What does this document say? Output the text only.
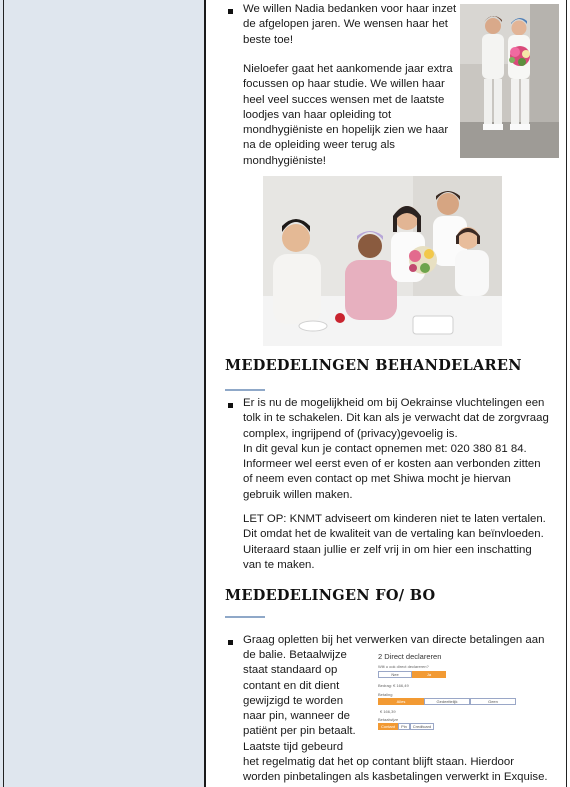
We willen Nadia bedanken voor haar inzet
de afgelopen jaren. We wensen haar het
beste toe!
Nieloefer gaat het aankomende jaar extra
focussen op haar studie. We willen haar
heel veel succes wensen met de laatste
loodjes van haar opleiding tot
mondhygiëniste en hopelijk zien we haar
na de opleiding weer terug als
mondhygiëniste!
MEDEDELINGEN BEHANDELAREN
Er is nu de mogelijkheid om bij Oekrainse vluchtelingen een
tolk in te schakelen. Dit kan als je verwacht dat de zorgvraag
complex, ingrijpend of (privacy)gevoelig is.
In dit geval kun je contact opnemen met: 020 380 81 84.
Informeer wel eerst even of er kosten aan verbonden zitten
of neem even contact op met Shiwa mocht je hiervan
gebruik willen maken.
LET OP: KNMT adviseert om kinderen niet te laten vertalen.
Dit omdat het de kwaliteit van de vertaling kan beïnvloeden.
Uiteraard staan jullie er zelf vrij in om hier een inschatting
van te maken.
MEDEDELINGEN FO/ BO
Graag opletten bij het verwerken van directe betalingen aan
de balie. Betaalwijze
staat standaard op
contant en dit dient
gewijzigd te worden
naar pin, wanneer de
patiënt per pin betaalt.
Laatste tijd gebeurd
het regelmatig dat het op contant blijft staan. Hierdoor
worden pinbetalingen als kasbetalingen verwerkt in Exquise.
2 Direct declareren
Wilt u ook direct declareren?
Nee	Ja
Bedrag: € 166,49
Betaling
Alles	Gedeeltelijk	Geen
€ 166,39
Betaalwijze
Contant	Pin	Creditcard
